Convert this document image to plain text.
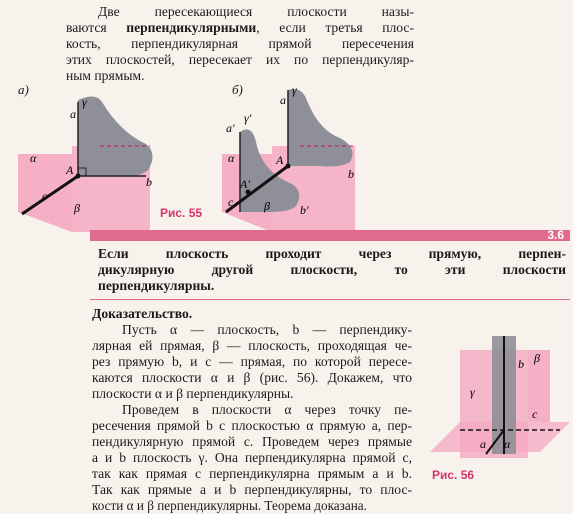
Две пересекающиеся плоскости назы-
ваются перпендикулярными, если третья плос-
кость, перпендикулярная прямой пересечения
этих плоскостей, пересекает их по перпендикуляр-
ным прямым.
а)	б)
α
c
β
a
γ
A
b
α
c	β
a
γ
a′
γ′
A
A′
b
b′
Рис. 55
3.6
Если плоскость проходит через прямую, перпен-
дикулярную другой плоскости, то эти плоскости
перпендикулярны.
Доказательство.
Пусть α — плоскость, b — перпендику-
лярная ей прямая, β — плоскость, проходящая че-
рез прямую b, и c — прямая, по которой пересе-
каются плоскости α и β (рис. 56). Докажем, что
плоскости α и β перпендикулярны.
Проведем в плоскости α через точку пе-
ресечения прямой b с плоскостью α прямую a, пер-
пендикулярную прямой c. Проведем через прямые
a и b плоскость γ. Она перпендикулярна прямой c,
так как прямая c перпендикулярна прямым a и b.
Так как прямые a и b перпендикулярны, то плос-
кости α и β перпендикулярны. Теорема доказана.
γ
b β
c
a α
Рис. 56
